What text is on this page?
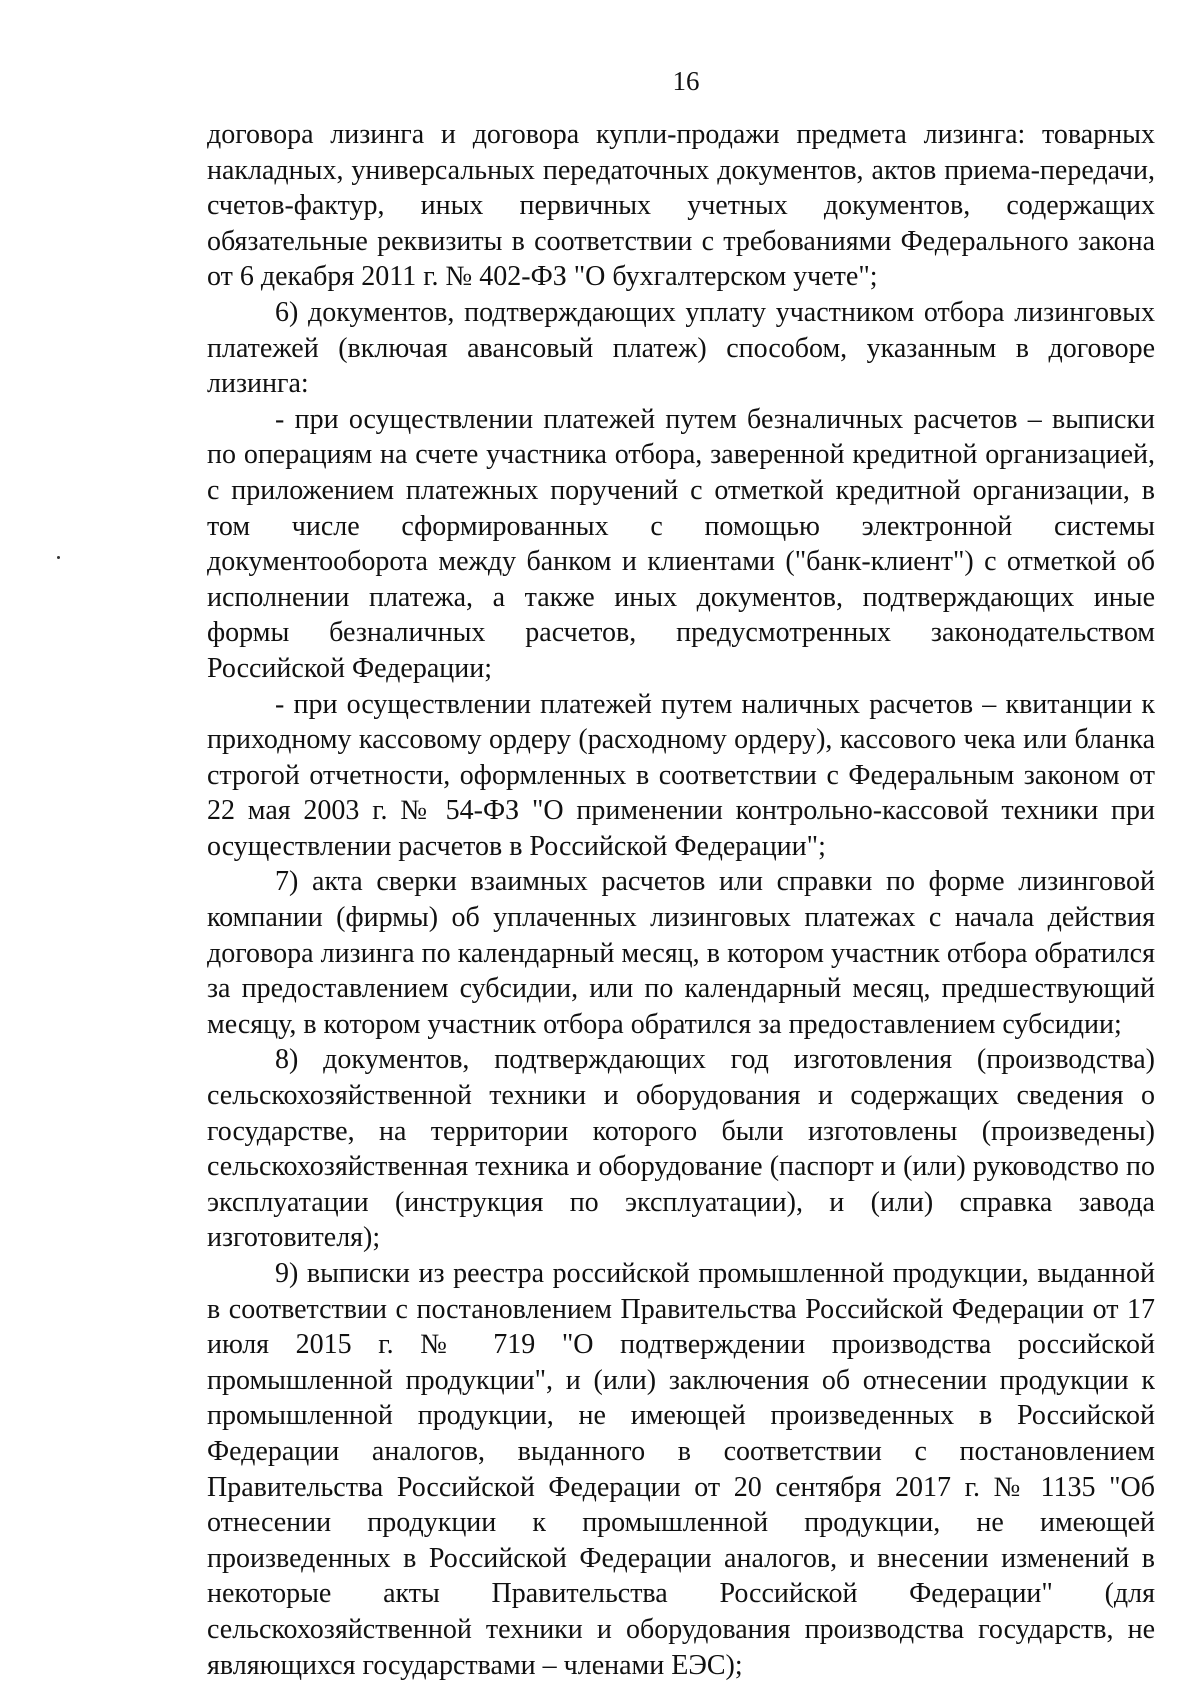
16

договора лизинга и договора купли-продажи предмета лизинга: товарных накладных, универсальных передаточных документов, актов приема-передачи, счетов-фактур, иных первичных учетных документов, содержащих обязательные реквизиты в соответствии с требованиями Федерального закона от 6 декабря 2011 г. № 402-ФЗ "О бухгалтерском учете";

6) документов, подтверждающих уплату участником отбора лизинговых платежей (включая авансовый платеж) способом, указанным в договоре лизинга:

- при осуществлении платежей путем безналичных расчетов – выписки по операциям на счете участника отбора, заверенной кредитной организацией, с приложением платежных поручений с отметкой кредитной организации, в том числе сформированных с помощью электронной системы документооборота между банком и клиентами ("банк-клиент") с отметкой об исполнении платежа, а также иных документов, подтверждающих иные формы безналичных расчетов, предусмотренных законодательством Российской Федерации;

- при осуществлении платежей путем наличных расчетов – квитанции к приходному кассовому ордеру (расходному ордеру), кассового чека или бланка строгой отчетности, оформленных в соответствии с Федеральным законом от 22 мая 2003 г. № 54-ФЗ "О применении контрольно-кассовой техники при осуществлении расчетов в Российской Федерации";

7) акта сверки взаимных расчетов или справки по форме лизинговой компании (фирмы) об уплаченных лизинговых платежах с начала действия договора лизинга по календарный месяц, в котором участник отбора обратился за предоставлением субсидии, или по календарный месяц, предшествующий месяцу, в котором участник отбора обратился за предоставлением субсидии;

8) документов, подтверждающих год изготовления (производства) сельскохозяйственной техники и оборудования и содержащих сведения о государстве, на территории которого были изготовлены (произведены) сельскохозяйственная техника и оборудование (паспорт и (или) руководство по эксплуатации (инструкция по эксплуатации), и (или) справка завода изготовителя);

9) выписки из реестра российской промышленной продукции, выданной в соответствии с постановлением Правительства Российской Федерации от 17 июля 2015 г. № 719 "О подтверждении производства российской промышленной продукции", и (или) заключения об отнесении продукции к промышленной продукции, не имеющей произведенных в Российской Федерации аналогов, выданного в соответствии с постановлением Правительства Российской Федерации от 20 сентября 2017 г. № 1135 "Об отнесении продукции к промышленной продукции, не имеющей произведенных в Российской Федерации аналогов, и внесении изменений в некоторые акты Правительства Российской Федерации" (для сельскохозяйственной техники и оборудования производства государств, не являющихся государствами – членами ЕЭС);
